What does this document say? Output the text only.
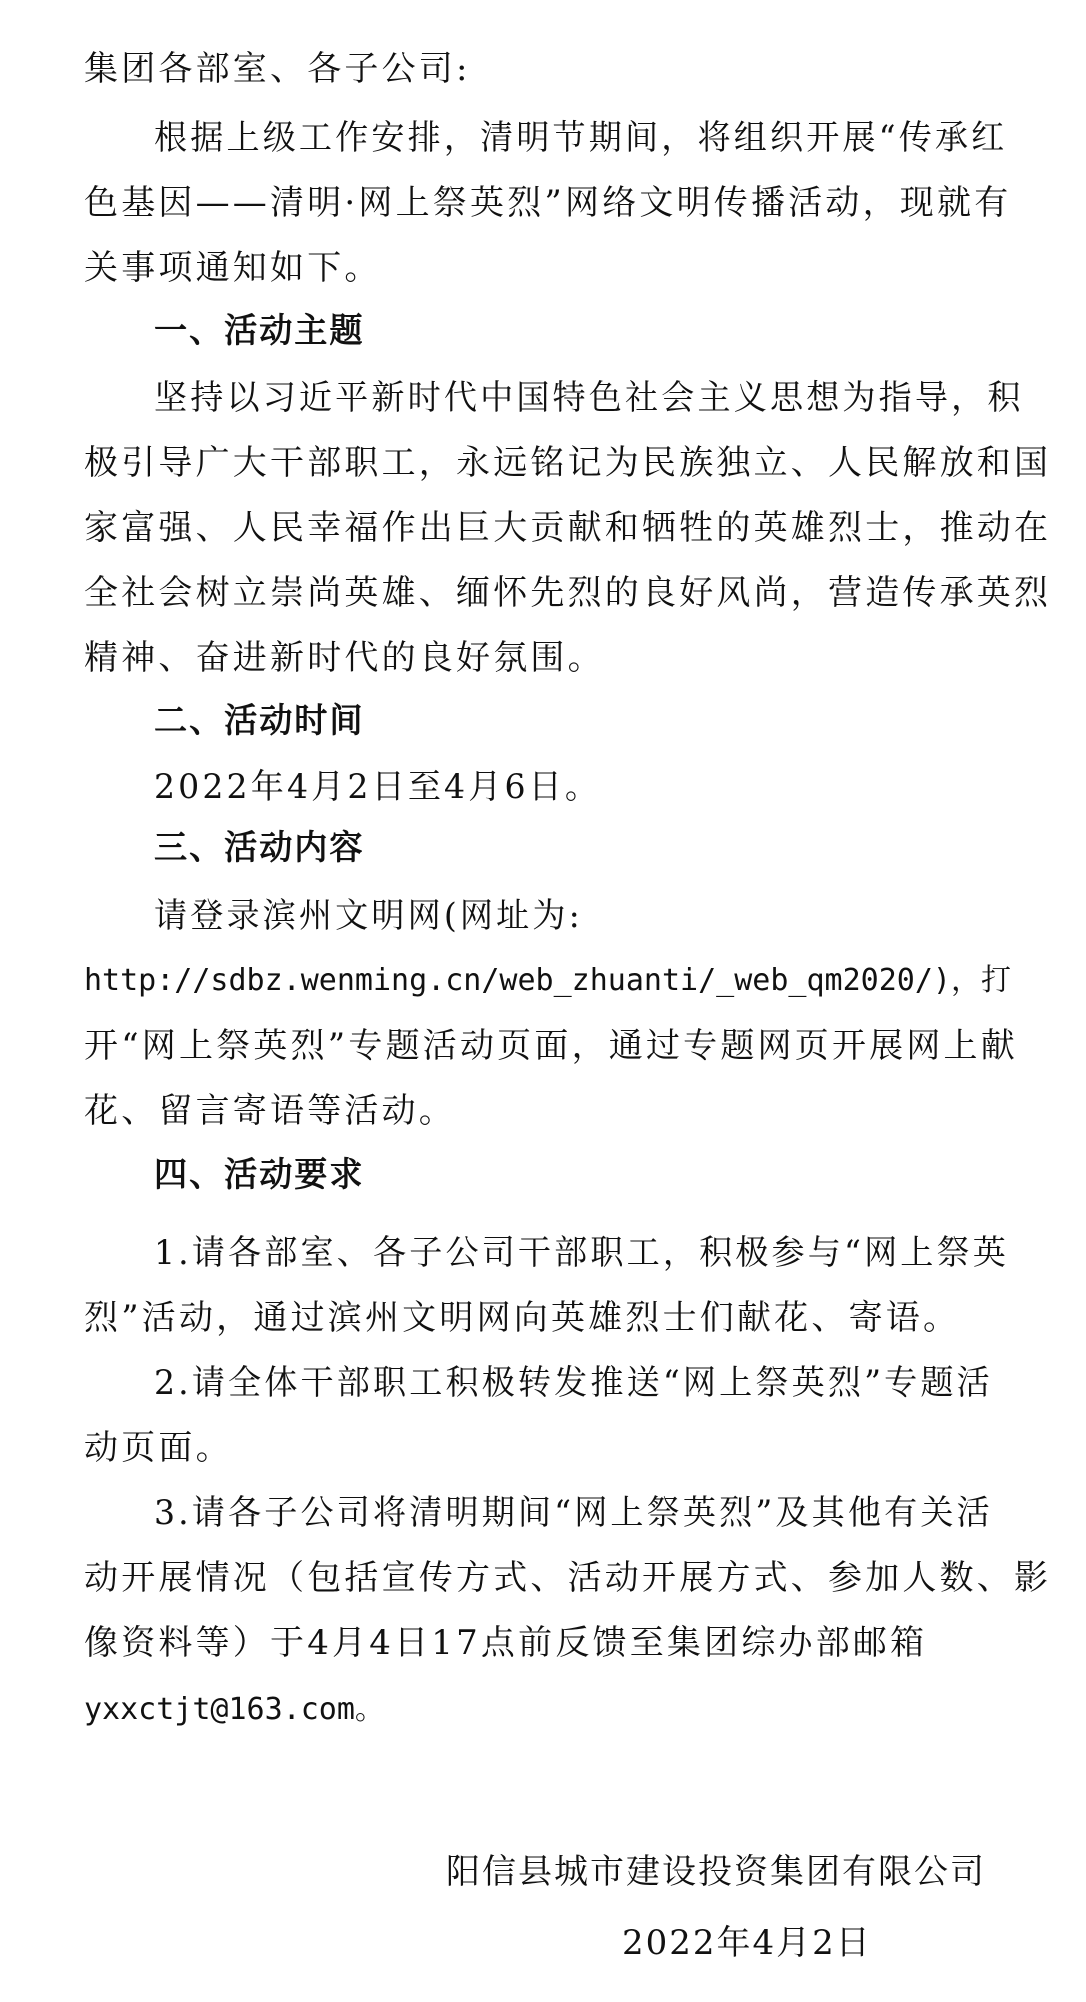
集团各部室、各子公司:
根据上级工作安排，清明节期间，将组织开展“传承红
色基因——清明·网上祭英烈”网络文明传播活动，现就有
关事项通知如下。
一、活动主题
坚持以习近平新时代中国特色社会主义思想为指导，积
极引导广大干部职工，永远铭记为民族独立、人民解放和国
家富强、人民幸福作出巨大贡献和牺牲的英雄烈士，推动在
全社会树立崇尚英雄、缅怀先烈的良好风尚，营造传承英烈
精神、奋进新时代的良好氛围。
二、活动时间
2022年4月2日至4月6日。
三、活动内容
请登录滨州文明网(网址为:
http://sdbz.wenming.cn/web_zhuanti/_web_qm2020/)，打
开“网上祭英烈”专题活动页面，通过专题网页开展网上献
花、留言寄语等活动。
四、活动要求
1.请各部室、各子公司干部职工，积极参与“网上祭英
烈”活动，通过滨州文明网向英雄烈士们献花、寄语。
2.请全体干部职工积极转发推送“网上祭英烈”专题活
动页面。
3.请各子公司将清明期间“网上祭英烈”及其他有关活
动开展情况（包括宣传方式、活动开展方式、参加人数、影
像资料等）于4月4日17点前反馈至集团综办部邮箱
yxxctjt@163.com。
阳信县城市建设投资集团有限公司
2022年4月2日
